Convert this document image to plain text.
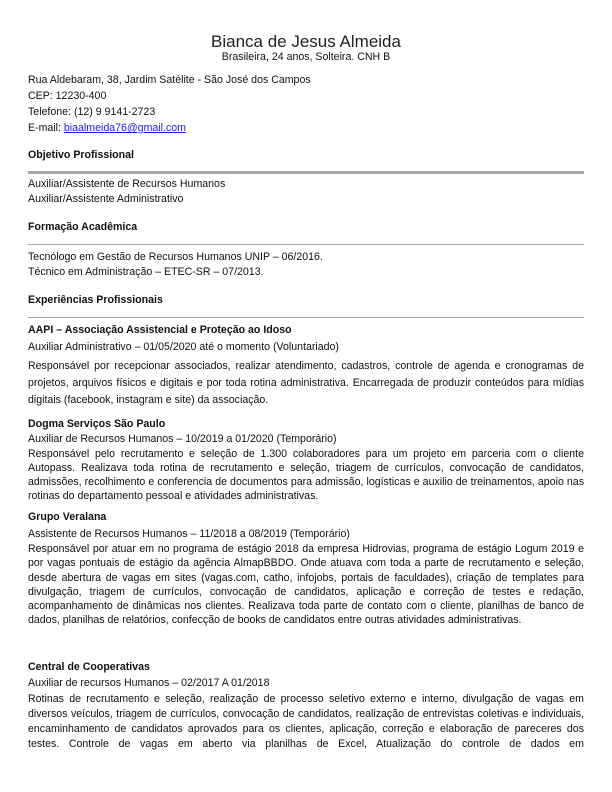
Bianca de Jesus Almeida
Brasileira, 24 anos, Solteira. CNH B
Rua Aldebaram, 38, Jardim Satélite - São José dos Campos
CEP: 12230-400
Telefone: (12) 9 9141-2723
E-mail: biaalmeida76@gmail.com
Objetivo Profissional
Auxiliar/Assistente de Recursos Humanos
Auxiliar/Assistente Administrativo
Formação Acadêmica
Tecnólogo em Gestão de Recursos Humanos UNIP – 06/2016.
Técnico em Administração – ETEC-SR – 07/2013.
Experiências Profissionais
AAPI – Associação Assistencial e Proteção ao Idoso
Auxiliar Administrativo – 01/05/2020 até o momento (Voluntariado)
Responsável por recepcionar associados, realizar atendimento, cadastros, controle de agenda e cronogramas de projetos, arquivos físicos e digitais e por toda rotina administrativa. Encarregada de produzir conteúdos para mídias digitais (facebook, instagram e site) da associação.
Dogma Serviços São Paulo
Auxiliar de Recursos Humanos – 10/2019 a 01/2020 (Temporário)
Responsável pelo recrutamento e seleção de 1.300 colaboradores para um projeto em parceria com o cliente Autopass. Realizava toda rotina de recrutamento e seleção, triagem de currículos, convocação de candidatos, admissões, recolhimento e conferencia de documentos para admissão, logísticas e auxilio de treinamentos, apoio nas rotinas do departamento pessoal e atividades administrativas.
Grupo Veralana
Assistente de Recursos Humanos – 11/2018 a 08/2019 (Temporário)
Responsável por atuar em no programa de estágio 2018 da empresa Hidrovias, programa de estágio Logum 2019 e por vagas pontuais de estágio da agência AlmapBBDO. Onde atuava com toda a parte de recrutamento e seleção, desde abertura de vagas em sites (vagas.com, catho, infojobs, portais de faculdades), criação de templates para divulgação, triagem de currículos, convocação de candidatos, aplicação e correção de testes e redação, acompanhamento de dinâmicas nos clientes. Realizava toda parte de contato com o cliente, planilhas de banco de dados, planilhas de relatórios, confecção de books de candidatos entre outras atividades administrativas.
Central de Cooperativas
Auxiliar de recursos Humanos – 02/2017 A 01/2018
Rotinas de recrutamento e seleção, realização de processo seletivo externo e interno, divulgação de vagas em diversos veículos, triagem de currículos, convocação de candidatos, realização de entrevistas coletivas e individuais, encaminhamento de candidatos aprovados para os clientes, aplicação, correção e elaboração de pareceres dos testes. Controle de vagas em aberto via planilhas de Excel, Atualização do controle de dados em
